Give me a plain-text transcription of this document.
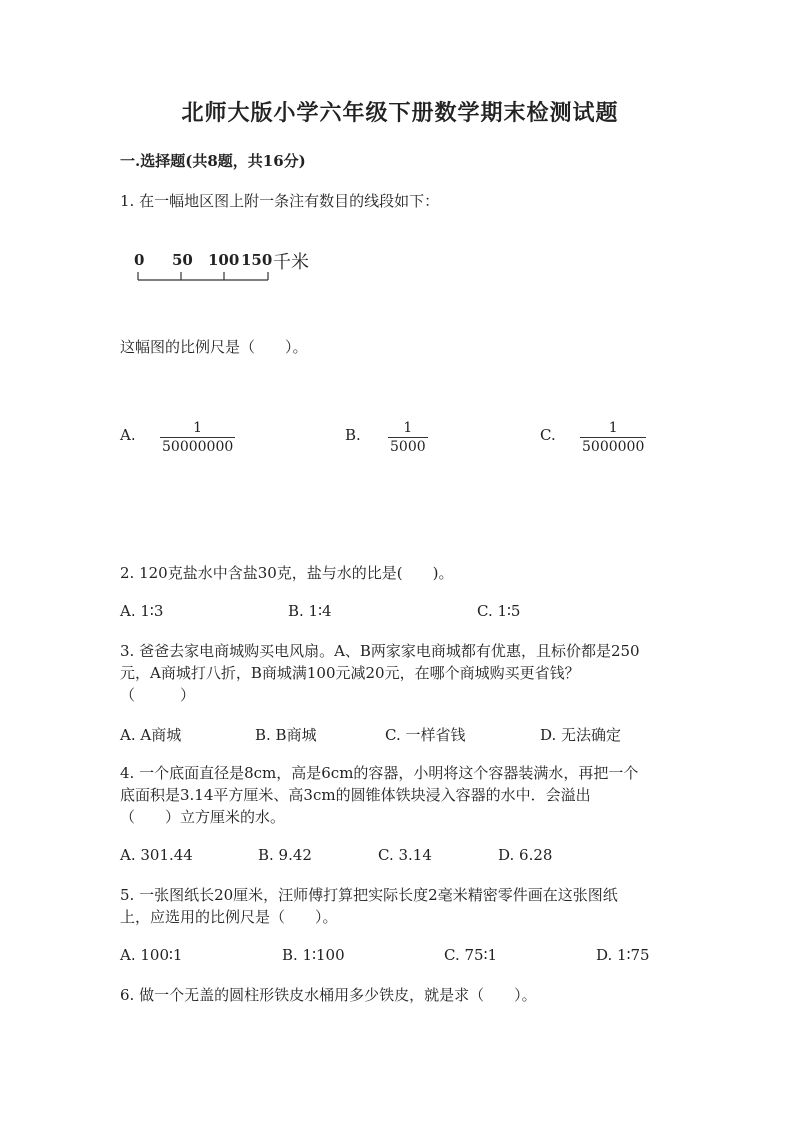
北师大版小学六年级下册数学期末检测试题
一.选择题(共8题，共16分)
1. 在一幅地区图上附一条注有数目的线段如下：
0 50 100 150 千米
这幅图的比例尺是（　　）。
A. $\frac{1}{50000000}$	B. $\frac{1}{5000}$	C. $\frac{1}{5000000}$
2. 120克盐水中含盐30克，盐与水的比是(　　)。
A. 1∶3	B. 1∶4	C. 1∶5
3. 爸爸去家电商城购买电风扇。A、B两家家电商城都有优惠，且标价都是250
元，A商城打八折，B商城满100元减20元，在哪个商城购买更省钱？
（　　　）
A. A商城	B. B商城	C. 一样省钱	D. 无法确定
4. 一个底面直径是8cm，高是6cm的容器，小明将这个容器装满水，再把一个
底面积是3.14平方厘米、高3cm的圆锥体铁块浸入容器的水中．会溢出
（　　）立方厘米的水。
A. 301.44	B. 9.42	C. 3.14	D. 6.28
5. 一张图纸长20厘米，汪师傅打算把实际长度2毫米精密零件画在这张图纸
上，应选用的比例尺是（　　）。
A. 100∶1	B. 1∶100	C. 75∶1	D. 1∶75
6. 做一个无盖的圆柱形铁皮水桶用多少铁皮，就是求（　　）。
